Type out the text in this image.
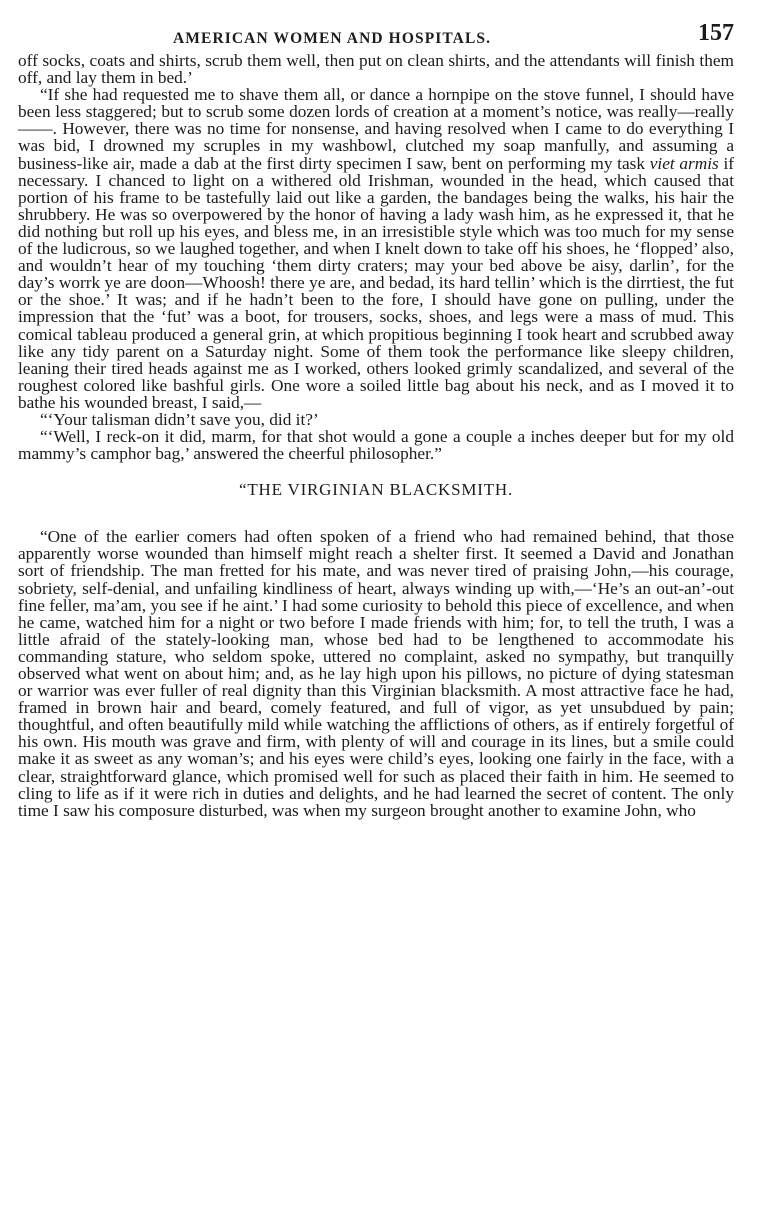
AMERICAN WOMEN AND HOSPITALS.	157

off socks, coats and shirts, scrub them well, then put on clean shirts, and the attendants will finish them off, and lay them in bed.’

“If she had requested me to shave them all, or dance a hornpipe on the stove funnel, I should have been less staggered; but to scrub some dozen lords of creation at a moment’s notice, was really—really——. However, there was no time for nonsense, and having resolved when I came to do everything I was bid, I drowned my scruples in my washbowl, clutched my soap manfully, and assuming a business-like air, made a dab at the first dirty specimen I saw, bent on performing my task viet armis if necessary. I chanced to light on a withered old Irishman, wounded in the head, which caused that portion of his frame to be tastefully laid out like a garden, the bandages being the walks, his hair the shrubbery. He was so overpowered by the honor of having a lady wash him, as he expressed it, that he did nothing but roll up his eyes, and bless me, in an irresistible style which was too much for my sense of the ludicrous, so we laughed together, and when I knelt down to take off his shoes, he ‘flopped’ also, and wouldn’t hear of my touching ‘them dirty craters; may your bed above be aisy, darlin’, for the day’s worrk ye are doon—Whoosh! there ye are, and bedad, its hard tellin’ which is the dirrtiest, the fut or the shoe.’ It was; and if he hadn’t been to the fore, I should have gone on pulling, under the impression that the ‘fut’ was a boot, for trousers, socks, shoes, and legs were a mass of mud. This comical tableau produced a general grin, at which propitious beginning I took heart and scrubbed away like any tidy parent on a Saturday night. Some of them took the performance like sleepy children, leaning their tired heads against me as I worked, others looked grimly scandalized, and several of the roughest colored like bashful girls. One wore a soiled little bag about his neck, and as I moved it to bathe his wounded breast, I said,—

“‘Your talisman didn’t save you, did it?’

“‘Well, I reck-on it did, marm, for that shot would a gone a couple a inches deeper but for my old mammy’s camphor bag,’ answered the cheerful philosopher.”

“THE VIRGINIAN BLACKSMITH.

“One of the earlier comers had often spoken of a friend who had remained behind, that those apparently worse wounded than himself might reach a shelter first. It seemed a David and Jonathan sort of friendship. The man fretted for his mate, and was never tired of praising John,—his courage, sobriety, self-denial, and unfailing kindliness of heart, always winding up with,—‘He’s an out-an’-out fine feller, ma’am, you see if he aint.’ I had some curiosity to behold this piece of excellence, and when he came, watched him for a night or two before I made friends with him; for, to tell the truth, I was a little afraid of the stately-looking man, whose bed had to be lengthened to accommodate his commanding stature, who seldom spoke, uttered no complaint, asked no sympathy, but tranquilly observed what went on about him; and, as he lay high upon his pillows, no picture of dying statesman or warrior was ever fuller of real dignity than this Virginian blacksmith. A most attractive face he had, framed in brown hair and beard, comely featured, and full of vigor, as yet unsubdued by pain; thoughtful, and often beautifully mild while watching the afflictions of others, as if entirely forgetful of his own. His mouth was grave and firm, with plenty of will and courage in its lines, but a smile could make it as sweet as any woman’s; and his eyes were child’s eyes, looking one fairly in the face, with a clear, straightforward glance, which promised well for such as placed their faith in him. He seemed to cling to life as if it were rich in duties and delights, and he had learned the secret of content. The only time I saw his composure disturbed, was when my surgeon brought another to examine John, who
